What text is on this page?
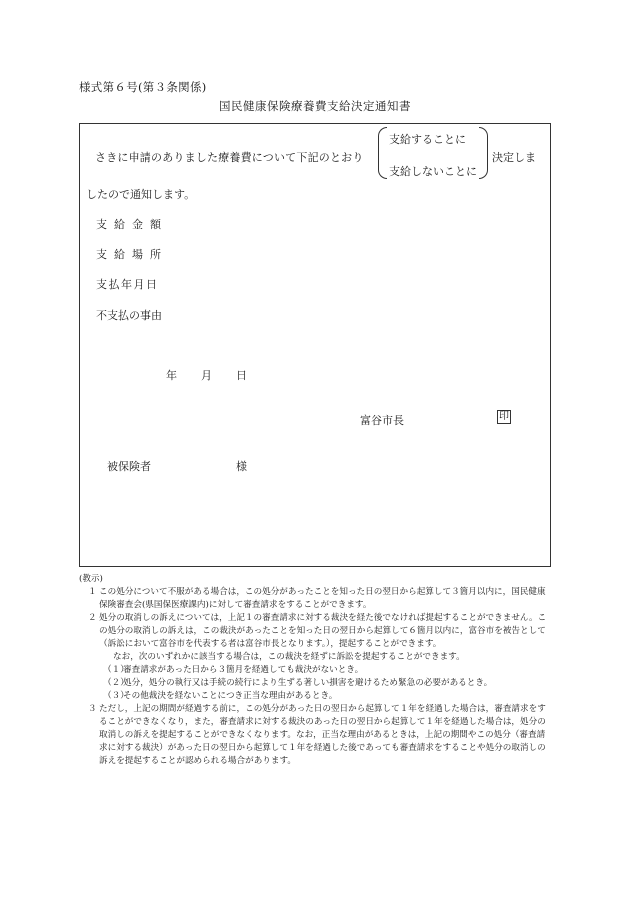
様式第６号(第３条関係)
国民健康保険療養費支給決定通知書
さきに申請のありました療養費について下記のとおり
支給することに
支給しないことに
決定しま
したので通知します。
支給金額
支給場所
支払年月日
不支払の事由
年 月 日
富谷市長	印
被保険者	様
(教示)
１ この処分について不服がある場合は，この処分があったことを知った日の翌日から起算して３箇月以内に，国民健康保険審査会(県国保医療課内)に対して審査請求をすることができます。
２ 処分の取消しの訴えについては，上記１の審査請求に対する裁決を経た後でなければ提起することができません。この処分の取消しの訴えは，この裁決があったことを知った日の翌日から起算して６箇月以内に，富谷市を被告として（訴訟において富谷市を代表する者は富谷市長となります。），提起することができます。
なお，次のいずれかに該当する場合は，この裁決を経ずに訴訟を提起することができます。
（１）
審査請求があった日から３箇月を経過しても裁決がないとき。
（２）
処分，処分の執行又は手続の続行により生ずる著しい損害を避けるため緊急の必要があるとき。
（３）
その他裁決を経ないことにつき正当な理由があるとき。
３ ただし，上記の期間が経過する前に，この処分があった日の翌日から起算して１年を経過した場合は，審査請求をすることができなくなり，また，審査請求に対する裁決のあった日の翌日から起算して１年を経過した場合は，処分の取消しの訴えを提起することができなくなります。なお，正当な理由があるときは，上記の期間やこの処分（審査請求に対する裁決）があった日の翌日から起算して１年を経過した後であっても審査請求をすることや処分の取消しの訴えを提起することが認められる場合があります。
